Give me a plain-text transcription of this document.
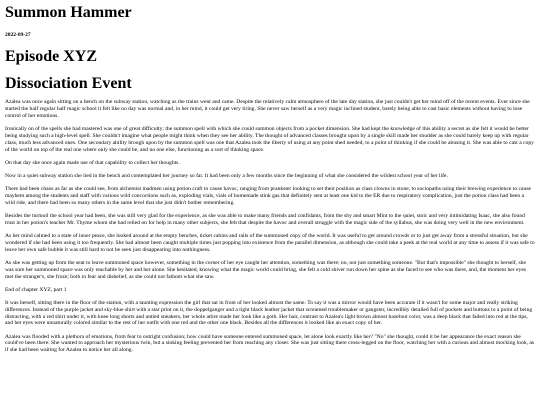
Summon Hammer
2022-09-27
Episode XYZ
Dissociation Event

Azalea was once again sitting on a bench on the subway station, watching as the trains went and came. Despite the relatively calm atmosphere of the late day station, she just couldn't get her mind off of the recent events. Ever since she started the half regular half magic school it felt like no day was normal and, in her mind, it could get very tiring. She never saw herself as a very magic inclined student, barely being able to cast basic elements without having to lose control of her emotions.

Ironically on of the spells she had mastered was one of great difficulty; the summon spell with which she could summon objects from a pocket dimension. She had kept the knowledge of this ability a secret as she felt it would be better being studying such a high-level spell. She couldn't imagine what people might think when they see her ability. The thought of advanced classes brought upon by a single skill made her shudder as she could barely keep up with regular class, much less advanced ones. One secondary ability brough upon by the summon spell was one that Azalea took the liberty of using at any point shed needed, to a point of thinking if she could be abusing it. She was able to cast a copy of the world on top of the real one where only she could be, and no one else, functioning as a sort of thinking space.

On that day she once again made use of that capability to collect her thoughts.

Now in a quiet subway station she lied in the bench and contemplated her journey so far. It had been only a few months since the beginning of what she considered the wildest school year of her life.

There had been chaos as far as she could see, from alchemist madmen using potion craft to cause havoc, ranging from prankster looking to set their position as class clowns in stone, to sociopaths using their brewing experience to cause mayhem among the students and staff with various wild concoctions such as, exploding vials, vials of homemade stink gas that definitely sent at least one kid to the ER due to respiratory complication, just the potion class had been a wild ride, and there had been so many others in the same level that she just didn't bother remembering.

Besides the turmoil the school year had been, she was still very glad for the experience, as she was able to make many friends and confidants, from the shy and smart Mint to the quiet, stoic and very intimidating Isaac, she also found trust in her potion's teacher Mr. Thyme whom she had relied on for help in many other subjects, she felt that despite the havoc and overall struggle with the magic side of the syllabus, she was doing very well in the new environment.

As her mind calmed to a state of inner peace, she looked around at the empty benches, ticket cabins and rails of the summoned copy of the world. It was useful to get around crowds or to just get away from a stressful situation, but she wondered if she had been using it too frequently. She had almost been caught multiple times just popping into existence from the parallel dimension, as although she could take a peek at the real world at any time to assess if it was safe to leave her own safe bubble it was still hard to not be seen just disappearing into nothingness.

As she was getting up from the seat to leave summoned space however, something in the corner of her eye caught her attention, something was there; no, not just something someone. "But that's impossible" she thought to herself, she was sure her summoned space was only reachable by her and her alone. She hesitated, knowing what the magic world could bring, she felt a cold shiver run down her spine as she faced to see who was there, and, the moment her eyes met the stranger's, she froze; both in fear and disbelief, as she could not fathom what she saw.

End of chapter XYZ, part 1

It was herself, sitting there in the floor of the station, with a taunting expression the girl that sat in front of her looked almost the same. To say it was a mirror would have been accurate if it wasn't for some major and really striking differences. Instead of the purple jacket and sky-blue shirt with a star print on it, the doppelganger and a tight black leather jacket that screamed troublemaker or gangster, incredibly detailed full of pockets and buttons to a point of being distracting, with a red shirt under it, with knee long shorts and untied sneakers, her whole attire made her look like a goth. Her hair, contrast to Azalea's light brown almost hazelnut color, was a deep black that faded into red at the tips, and her eyes were unnaturally colored similar to the rest of her outfit with one red and the other one black. Besides all the differences it looked like an exact copy of her.

Azalea was flooded with a plethora of emotions, from fear to outright confusion; how could have someone entered summoned space, let alone look exactly like her? "No" she thought, could it be her appearance the exact reason she could've been there. She wanted to approach her mysterious twin, but a sinking feeling prevented her from reaching any closer. She was just sitting there cross-legged on the floor, watching her with a curious and almost mocking look, as if she had been waiting for Azalea to notice her all along.
